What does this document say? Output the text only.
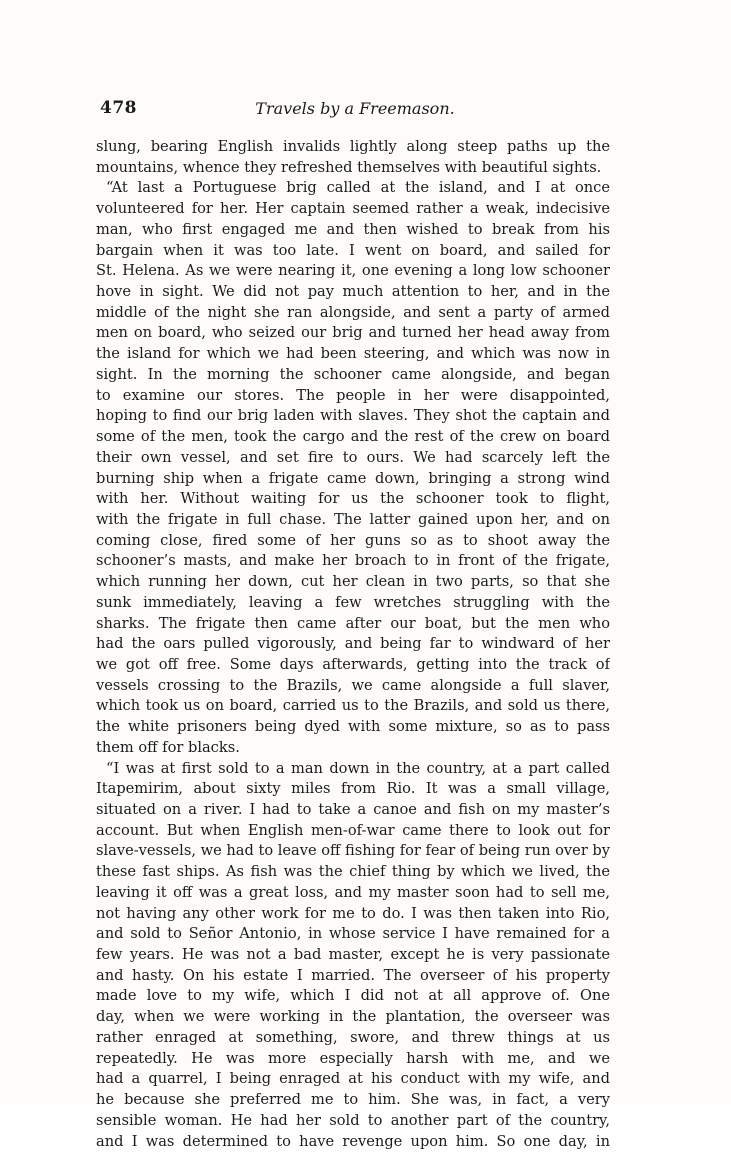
478	Travels by a Freemason.
slung, bearing English invalids lightly along steep paths up the
mountains, whence they refreshed themselves with beautiful sights.
“At last a Portuguese brig called at the island, and I at once
volunteered for her. Her captain seemed rather a weak, indecisive
man, who first engaged me and then wished to break from his
bargain when it was too late. I went on board, and sailed for
St. Helena. As we were nearing it, one evening a long low schooner
hove in sight. We did not pay much attention to her, and in the
middle of the night she ran alongside, and sent a party of armed
men on board, who seized our brig and turned her head away from
the island for which we had been steering, and which was now in
sight. In the morning the schooner came alongside, and began
to examine our stores. The people in her were disappointed,
hoping to find our brig laden with slaves. They shot the captain and
some of the men, took the cargo and the rest of the crew on board
their own vessel, and set fire to ours. We had scarcely left the
burning ship when a frigate came down, bringing a strong wind
with her. Without waiting for us the schooner took to flight,
with the frigate in full chase. The latter gained upon her, and on
coming close, fired some of her guns so as to shoot away the
schooner’s masts, and make her broach to in front of the frigate,
which running her down, cut her clean in two parts, so that she
sunk immediately, leaving a few wretches struggling with the
sharks. The frigate then came after our boat, but the men who
had the oars pulled vigorously, and being far to windward of her
we got off free. Some days afterwards, getting into the track of
vessels crossing to the Brazils, we came alongside a full slaver,
which took us on board, carried us to the Brazils, and sold us there,
the white prisoners being dyed with some mixture, so as to pass
them off for blacks.
“I was at first sold to a man down in the country, at a part called
Itapemirim, about sixty miles from Rio. It was a small village,
situated on a river. I had to take a canoe and fish on my master’s
account. But when English men-of-war came there to look out for
slave-vessels, we had to leave off fishing for fear of being run over by
these fast ships. As fish was the chief thing by which we lived, the
leaving it off was a great loss, and my master soon had to sell me,
not having any other work for me to do. I was then taken into Rio,
and sold to Señor Antonio, in whose service I have remained for a
few years. He was not a bad master, except he is very passionate
and hasty. On his estate I married. The overseer of his property
made love to my wife, which I did not at all approve of. One
day, when we were working in the plantation, the overseer was
rather enraged at something, swore, and threw things at us
repeatedly. He was more especially harsh with me, and we
had a quarrel, I being enraged at his conduct with my wife, and
he because she preferred me to him. She was, in fact, a very
sensible woman. He had her sold to another part of the country,
and I was determined to have revenge upon him. So one day, in
